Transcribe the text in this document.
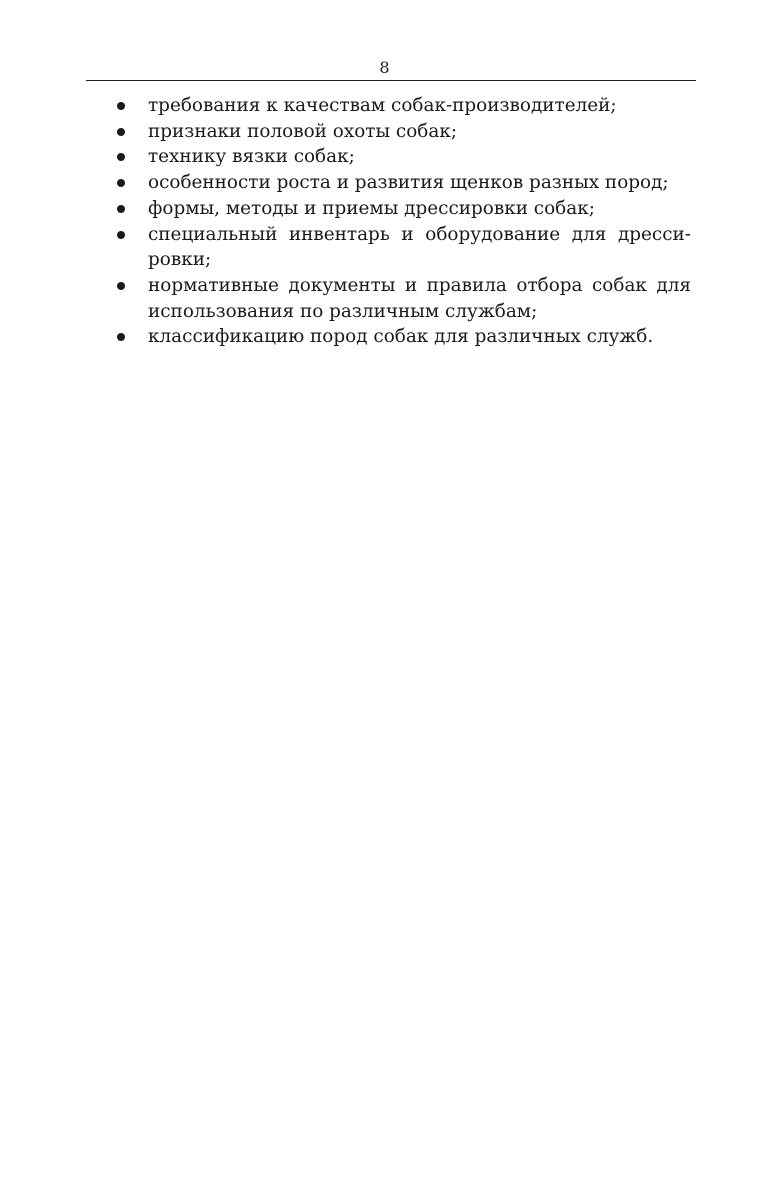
8
требования к качествам собак-производителей;
признаки половой охоты собак;
технику вязки собак;
особенности роста и развития щенков разных пород;
формы, методы и приемы дрессировки собак;
специальный инвентарь и оборудование для дрессировки;
нормативные документы и правила отбора собак для использования по различным службам;
классификацию пород собак для различных служб.
